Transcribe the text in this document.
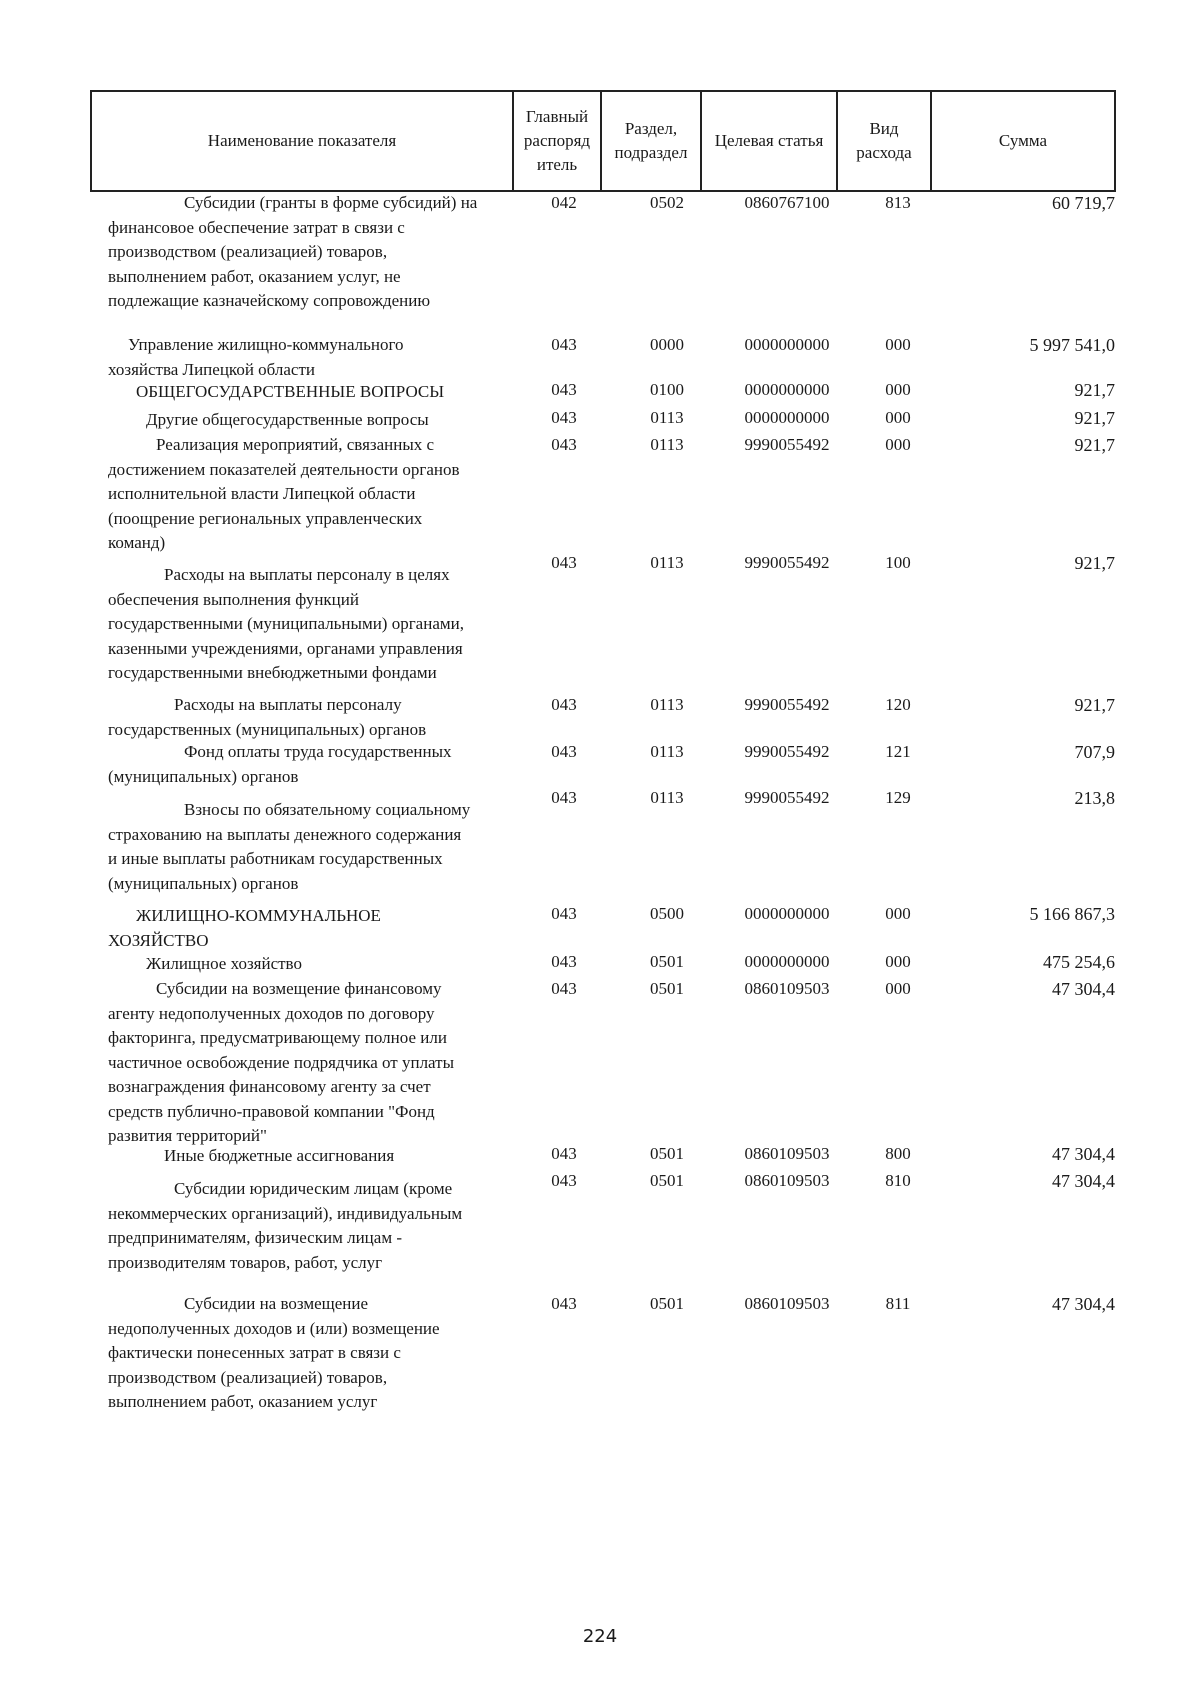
Наименование показателя	Главный распоряд итель	Раздел, подраздел	Целевая статья	Вид расхода	Сумма
Субсидии (гранты в форме субсидий) на
финансовое обеспечение затрат в связи с
производством (реализацией) товаров,
выполнением работ, оказанием услуг, не
подлежащие казначейскому сопровождению
042	0502	0860767100	813	60 719,7
Управление жилищно-коммунального
хозяйства Липецкой области
043	0000	0000000000	000	5 997 541,0
ОБЩЕГОСУДАРСТВЕННЫЕ ВОПРОСЫ	043	0100	0000000000	000	921,7
Другие общегосударственные вопросы	043	0113	0000000000	000	921,7
Реализация мероприятий, связанных с
достижением показателей деятельности органов
исполнительной власти Липецкой области
(поощрение региональных управленческих
команд)
043	0113	9990055492	000	921,7
Расходы на выплаты персоналу в целях
обеспечения выполнения функций
государственными (муниципальными) органами,
казенными учреждениями, органами управления
государственными внебюджетными фондами
043	0113	9990055492	100	921,7
Расходы на выплаты персоналу
государственных (муниципальных) органов
043	0113	9990055492	120	921,7
Фонд оплаты труда государственных
(муниципальных) органов
043	0113	9990055492	121	707,9
Взносы по обязательному социальному
страхованию на выплаты денежного содержания
и иные выплаты работникам государственных
(муниципальных) органов
043	0113	9990055492	129	213,8
ЖИЛИЩНО-КОММУНАЛЬНОЕ
ХОЗЯЙСТВО
043	0500	0000000000	000	5 166 867,3
Жилищное хозяйство	043	0501	0000000000	000	475 254,6
Субсидии на возмещение финансовому
агенту недополученных доходов по договору
факторинга, предусматривающему полное или
частичное освобождение подрядчика от уплаты
вознаграждения финансовому агенту за счет
средств публично-правовой компании "Фонд
развития территорий"
043	0501	0860109503	000	47 304,4
Иные бюджетные ассигнования	043	0501	0860109503	800	47 304,4
Субсидии юридическим лицам (кроме
некоммерческих организаций), индивидуальным
предпринимателям, физическим лицам -
производителям товаров, работ, услуг
043	0501	0860109503	810	47 304,4
Субсидии на возмещение
недополученных доходов и (или) возмещение
фактически понесенных затрат в связи с
производством (реализацией) товаров,
выполнением работ, оказанием услуг
043	0501	0860109503	811	47 304,4
224
